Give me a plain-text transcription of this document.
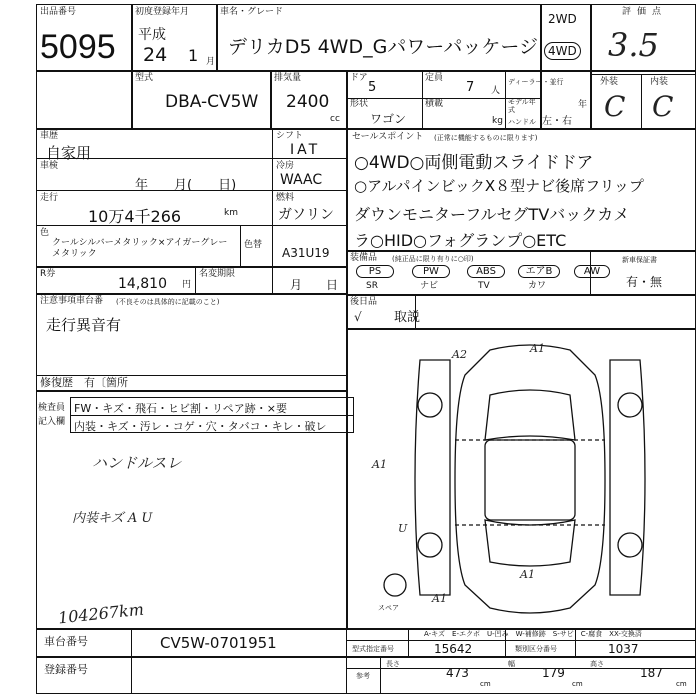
出品番号
5095
初度登録年月
平成
24 1 月
車名・グレード
デリカD5 4WD_Gパワーパッケージ
2WD
4WD
評価点
3.5
外装	内装
C C
型式
DBA-CV5W
排気量
2400
cc
ドア
5
定員
7 人
ディーラー・並行
形状
ワゴン
積載
kg
モデル年式	年
ハンドル 左・右
車歴
自家用
車検
年　　月(　　日)
走行
10万4千266	km
色
クールシルバーメタリック×アイガーグレーメタリック
色替
A31U19
シフト
IAT
冷房
WAAC
燃料
ガソリン
R券
14,810 円
名変期限
月　　日
注意事項車台番 (不良そのは具体的に記載のこと)
走行異音有
修復歴　有〔箇所
セールスポイント (正常に機能するものに限ります)
○4WD○両側電動スライドドア
○アルパインビックX８型ナビ後席フリップ
ダウンモニターフルセグTVバックカメ
ラ○HID○フォグランプ○ETC
装備品 (純正品に限り有りに○印)
PS	PW	ABS	エアB	AW
SR	ナビ	TV	カワ
新車保証書
有・無
後日品
√ 取説
検査員
記入欄
FW・キズ・飛石・ヒビ割・リペア跡・×要
内装・キズ・汚レ・コゲ・穴・タバコ・キレ・破レ
ハンドルスレ
内装キズ A U
104267km
A2	A1
A1
U
A1
A1
スペア
A-キズ　E-エクボ　U-凹み　W-補修跡　S-サビ　C-腐食　XX-交換済
車台番号	CV5W-0701951
登録番号
型式指定番号	類別区分番号
15642	1037
参考
長さ
473
cm
幅
179
cm
高さ
187
cm
